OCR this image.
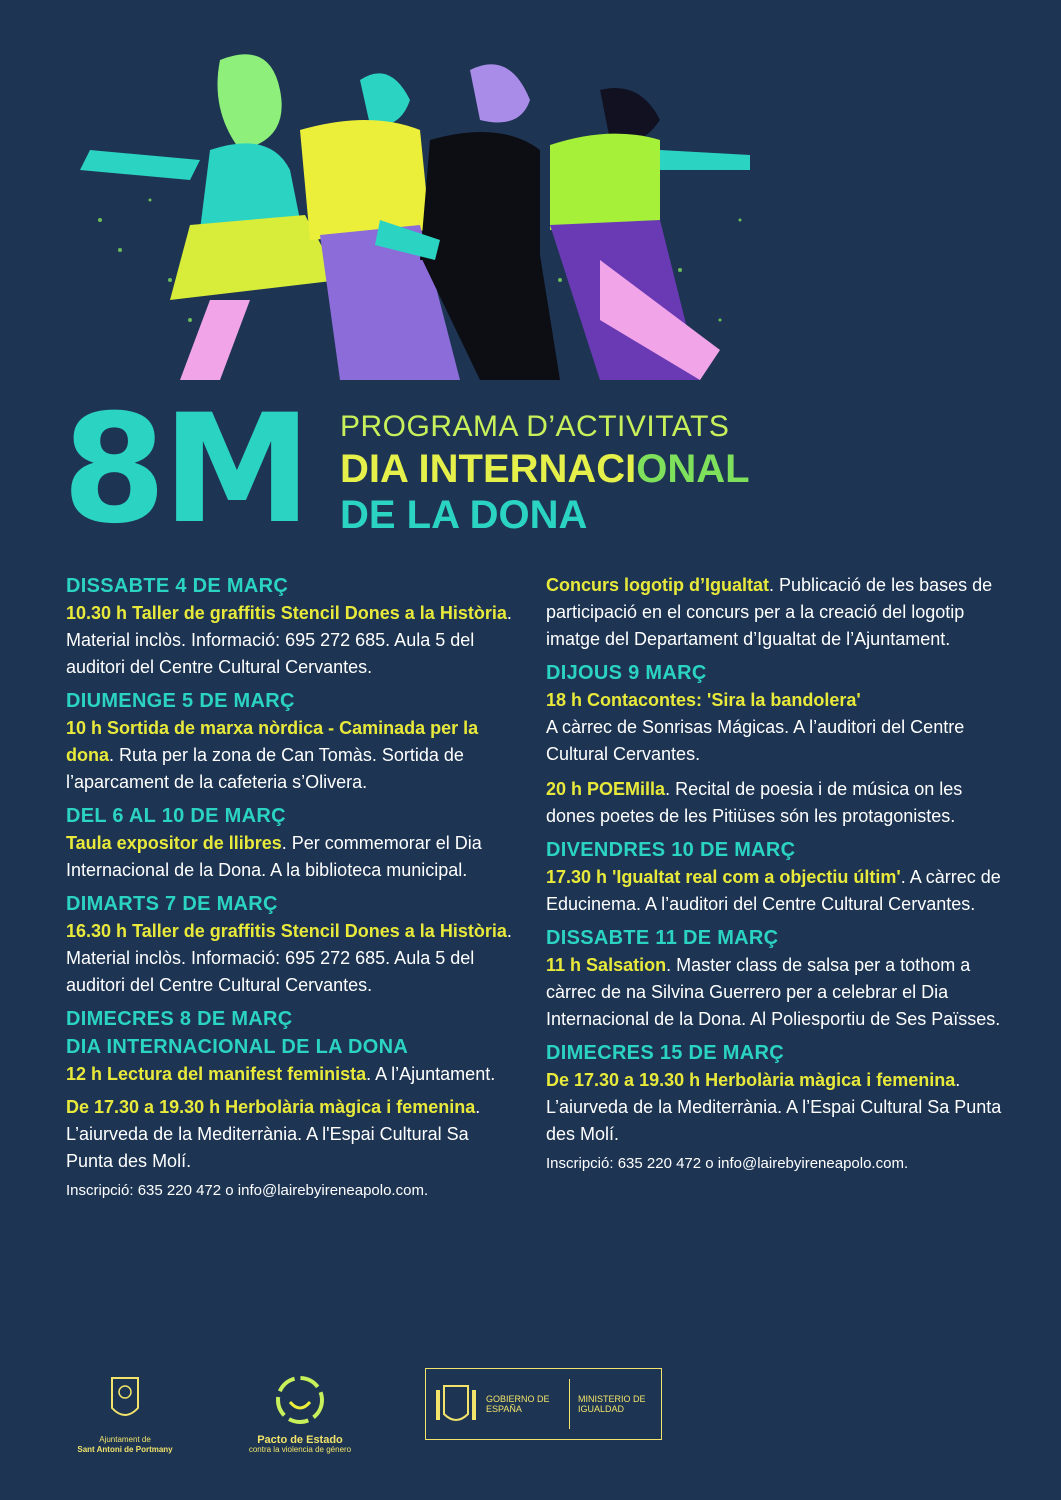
8M PROGRAMA D’ACTIVITATS
DIA INTERNACIONAL
DE LA DONA
DISSABTE 4 DE MARÇ
10.30 h Taller de graffitis Stencil Dones a la Història. Material inclòs. Informació: 695 272 685. Aula 5 del auditori del Centre Cultural Cervantes.
DIUMENGE 5 DE MARÇ
10 h Sortida de marxa nòrdica - Caminada per la dona. Ruta per la zona de Can Tomàs. Sortida de l’aparcament de la cafeteria s’Olivera.
DEL 6 AL 10 DE MARÇ
Taula expositor de llibres. Per commemorar el Dia Internacional de la Dona. A la biblioteca municipal.
DIMARTS 7 DE MARÇ
16.30 h Taller de graffitis Stencil Dones a la Història. Material inclòs. Informació: 695 272 685. Aula 5 del auditori del Centre Cultural Cervantes.
DIMECRES 8 DE MARÇ
DIA INTERNACIONAL DE LA DONA
12 h Lectura del manifest feminista. A l’Ajuntament.
De 17.30 a 19.30 h Herbolària màgica i femenina. L’aiurveda de la Mediterrània. A l'Espai Cultural Sa Punta des Molí.
Inscripció: 635 220 472 o info@lairebyireneapolo.com.
Concurs logotip d’Igualtat. Publicació de les bases de participació en el concurs per a la creació del logotip imatge del Departament d’Igualtat de l’Ajuntament.
DIJOUS 9 MARÇ
18 h Contacontes: 'Sira la bandolera'
A càrrec de Sonrisas Mágicas. A l’auditori del Centre Cultural Cervantes.
20 h POEMilla. Recital de poesia i de música on les dones poetes de les Pitiüses són les protagonistes.
DIVENDRES 10 DE MARÇ
17.30 h 'Igualtat real com a objectiu últim'. A càrrec de Educinema. A l’auditori del Centre Cultural Cervantes.
DISSABTE 11 DE MARÇ
11 h Salsation. Master class de salsa per a tothom a càrrec de na Silvina Guerrero per a celebrar el Dia Internacional de la Dona. Al Poliesportiu de Ses Païsses.
DIMECRES 15 DE MARÇ
De 17.30 a 19.30 h Herbolària màgica i femenina. L’aiurveda de la Mediterrània. A l’Espai Cultural Sa Punta des Molí.
Inscripció: 635 220 472 o info@lairebyireneapolo.com.
Ajuntament de
Sant Antoni de Portmany
Pacto de Estado
contra la violencia de género
GOBIERNO DE ESPAÑA
MINISTERIO DE IGUALDAD
